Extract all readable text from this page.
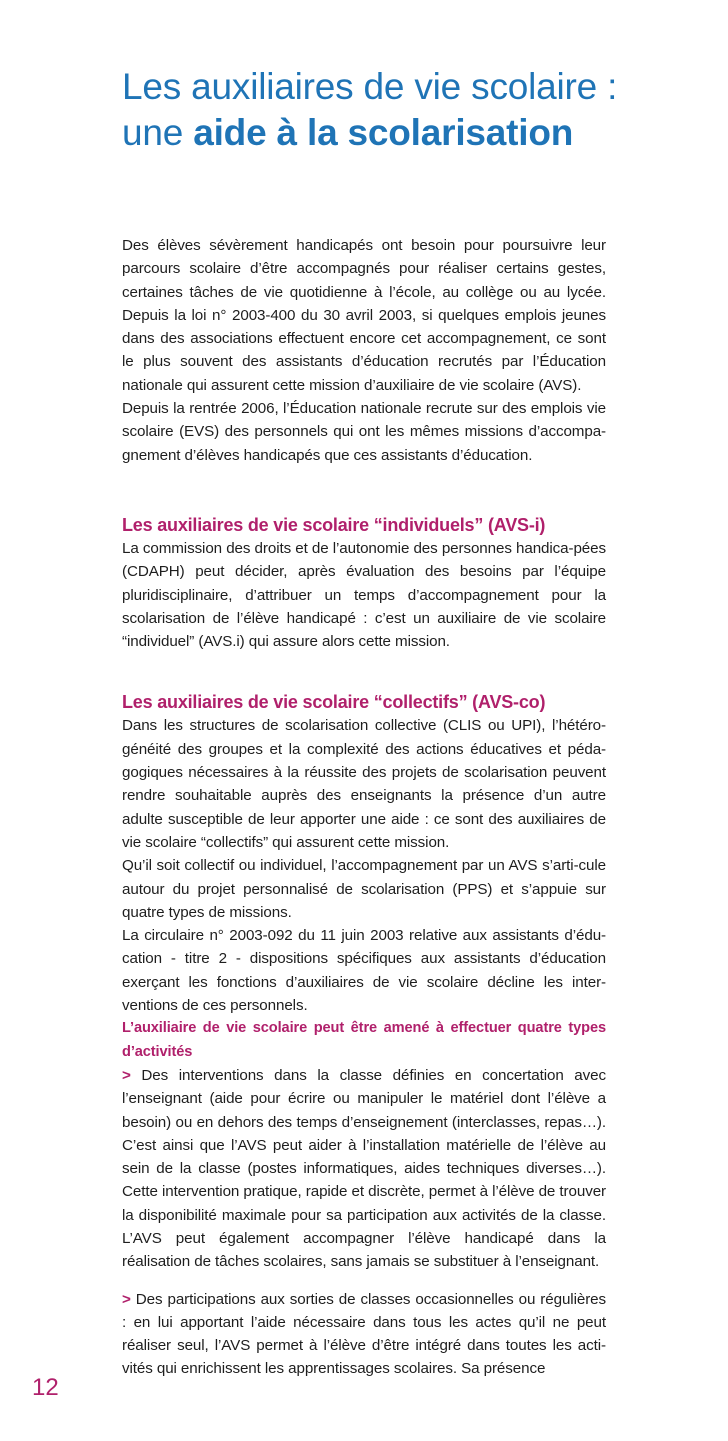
Les auxiliaires de vie scolaire :
une aide à la scolarisation

Des élèves sévèrement handicapés ont besoin pour poursuivre leur parcours scolaire d’être accompagnés pour réaliser certains gestes, certaines tâches de vie quotidienne à l’école, au collège ou au lycée. Depuis la loi n° 2003-400 du 30 avril 2003, si quelques emplois jeunes dans des associations effectuent encore cet accompagnement, ce sont le plus souvent des assistants d’éducation recrutés par l’Éducation nationale qui assurent cette mission d’auxiliaire de vie scolaire (AVS).

Depuis la rentrée 2006, l’Éducation nationale recrute sur des emplois vie scolaire (EVS) des personnels qui ont les mêmes missions d’accompa-gnement d’élèves handicapés que ces assistants d’éducation.

Les auxiliaires de vie scolaire “individuels” (AVS-i)

La commission des droits et de l’autonomie des personnes handica-pées (CDAPH) peut décider, après évaluation des besoins par l’équipe pluridisciplinaire, d’attribuer un temps d’accompagnement pour la scolarisation de l’élève handicapé : c’est un auxiliaire de vie scolaire “individuel” (AVS.i) qui assure alors cette mission.

Les auxiliaires de vie scolaire “collectifs” (AVS-co)

Dans les structures de scolarisation collective (CLIS ou UPI), l’hétéro-généité des groupes et la complexité des actions éducatives et péda-gogiques nécessaires à la réussite des projets de scolarisation peuvent rendre souhaitable auprès des enseignants la présence d’un autre adulte susceptible de leur apporter une aide : ce sont des auxiliaires de vie scolaire “collectifs” qui assurent cette mission.

Qu’il soit collectif ou individuel, l’accompagnement par un AVS s’arti-cule autour du projet personnalisé de scolarisation (PPS) et s’appuie sur quatre types de missions.

La circulaire n° 2003-092 du 11 juin 2003 relative aux assistants d’édu-cation - titre 2 - dispositions spécifiques aux assistants d’éducation exerçant les fonctions d’auxiliaires de vie scolaire décline les inter-ventions de ces personnels.

L’auxiliaire de vie scolaire peut être amené à effectuer quatre types d’activités

> Des interventions dans la classe définies en concertation avec l’enseignant (aide pour écrire ou manipuler le matériel dont l’élève a besoin) ou en dehors des temps d’enseignement (interclasses, repas…). C’est ainsi que l’AVS peut aider à l’installation matérielle de l’élève au sein de la classe (postes informatiques, aides techniques diverses…). Cette intervention pratique, rapide et discrète, permet à l’élève de trouver la disponibilité maximale pour sa participation aux activités de la classe. L’AVS peut également accompagner l’élève handicapé dans la réalisation de tâches scolaires, sans jamais se substituer à l’enseignant.

> Des participations aux sorties de classes occasionnelles ou régulières : en lui apportant l’aide nécessaire dans tous les actes qu’il ne peut réaliser seul, l’AVS permet à l’élève d’être intégré dans toutes les acti-vités qui enrichissent les apprentissages scolaires. Sa présence

12
